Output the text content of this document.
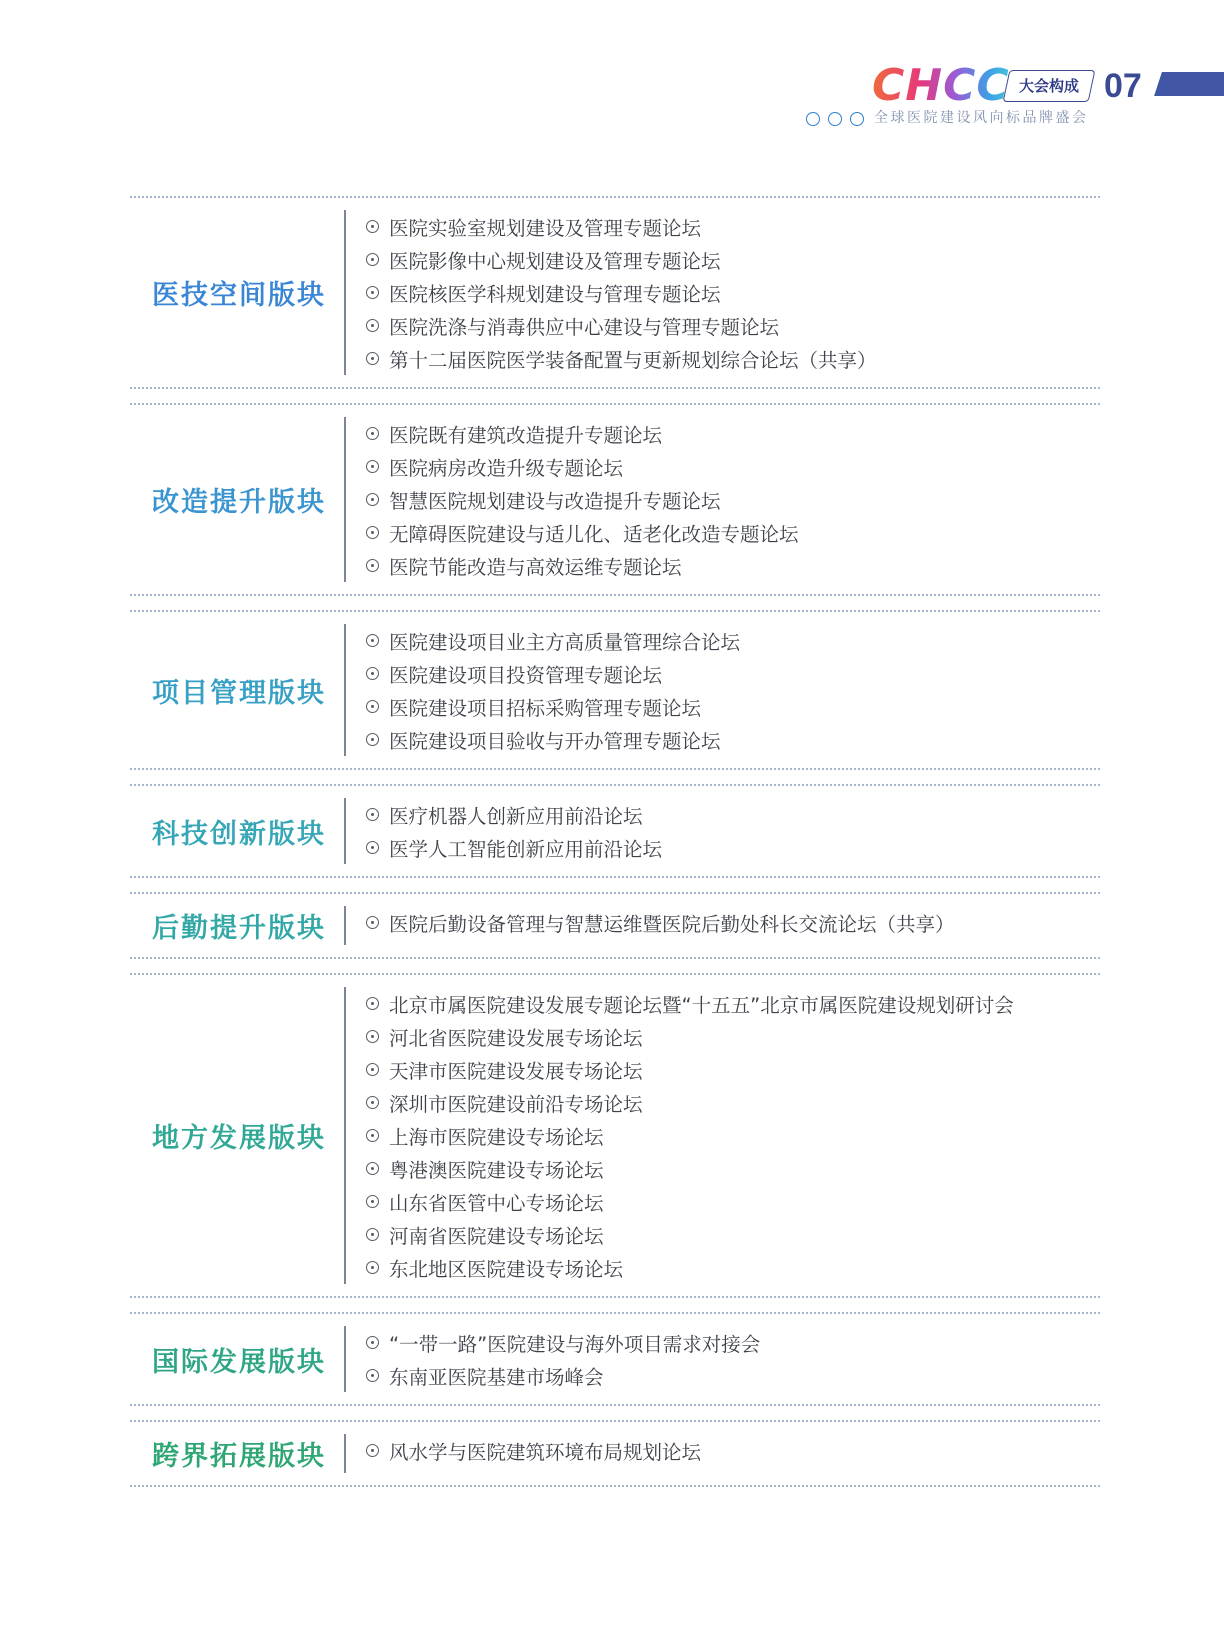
CHCC 大会构成 07
全球医院建设风向标品牌盛会
医技空间版块
医院实验室规划建设及管理专题论坛
医院影像中心规划建设及管理专题论坛
医院核医学科规划建设与管理专题论坛
医院洗涤与消毒供应中心建设与管理专题论坛
第十二届医院医学装备配置与更新规划综合论坛（共享）
改造提升版块
医院既有建筑改造提升专题论坛
医院病房改造升级专题论坛
智慧医院规划建设与改造提升专题论坛
无障碍医院建设与适儿化、适老化改造专题论坛
医院节能改造与高效运维专题论坛
项目管理版块
医院建设项目业主方高质量管理综合论坛
医院建设项目投资管理专题论坛
医院建设项目招标采购管理专题论坛
医院建设项目验收与开办管理专题论坛
科技创新版块
医疗机器人创新应用前沿论坛
医学人工智能创新应用前沿论坛
后勤提升版块	医院后勤设备管理与智慧运维暨医院后勤处科长交流论坛（共享）
地方发展版块
北京市属医院建设发展专题论坛暨“十五五”北京市属医院建设规划研讨会
河北省医院建设发展专场论坛
天津市医院建设发展专场论坛
深圳市医院建设前沿专场论坛
上海市医院建设专场论坛
粤港澳医院建设专场论坛
山东省医管中心专场论坛
河南省医院建设专场论坛
东北地区医院建设专场论坛
国际发展版块
“一带一路”医院建设与海外项目需求对接会
东南亚医院基建市场峰会
跨界拓展版块	风水学与医院建筑环境布局规划论坛
